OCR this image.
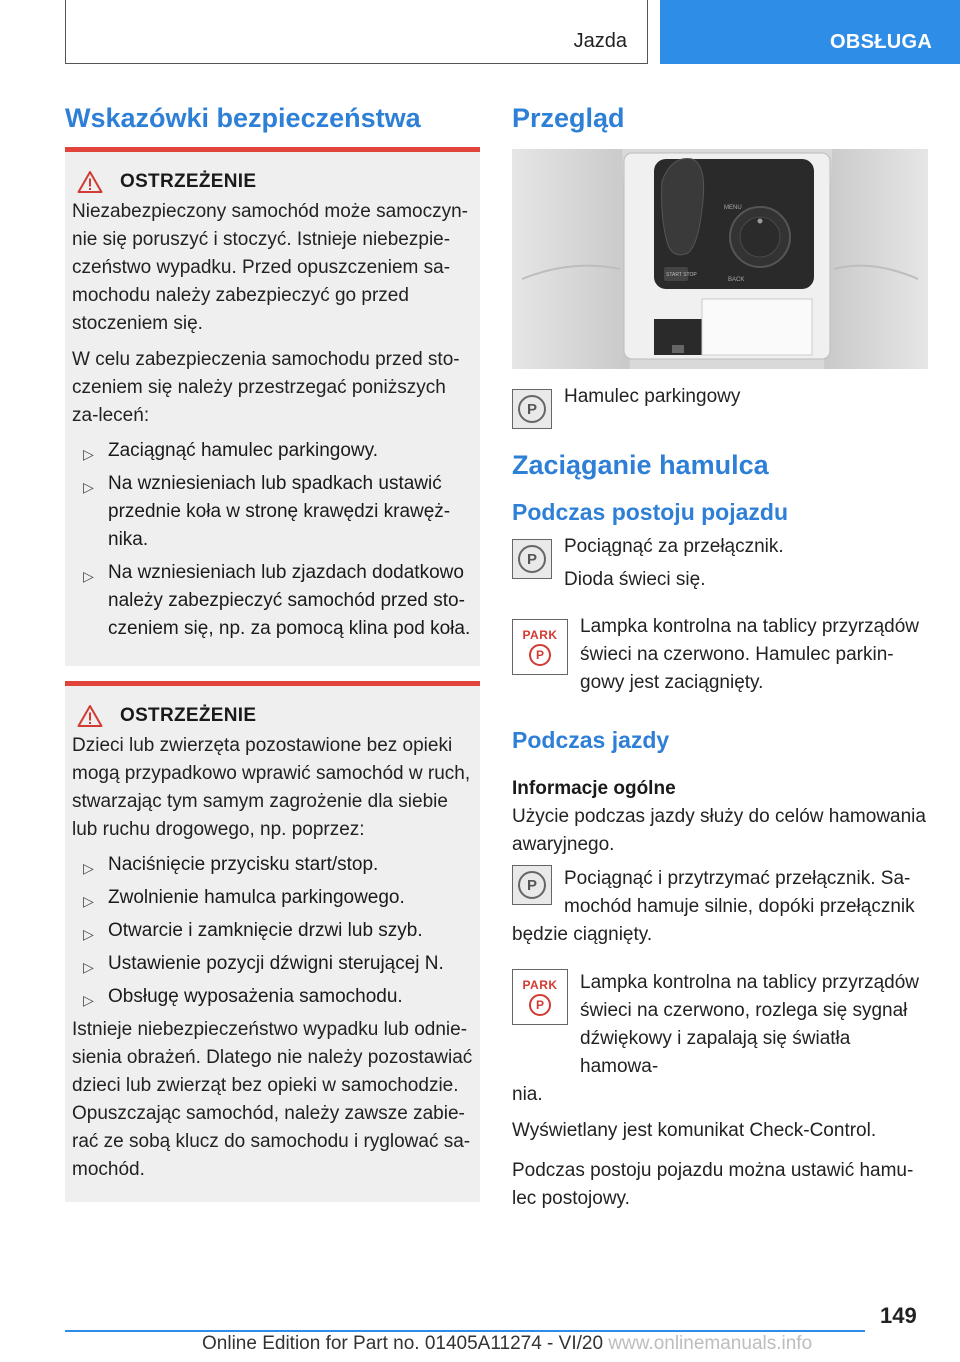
Jazda	OBSŁUGA
Wskazówki bezpieczeństwa
OSTRZEŻENIE

Niezabezpieczony samochód może samoczyn-nie się poruszyć i stoczyć. Istnieje niebezpie-czeństwo wypadku. Przed opuszczeniem sa-mochodu należy zabezpieczyć go przed stoczeniem się.

W celu zabezpieczenia samochodu przed sto-czeniem się należy przestrzegać poniższych za-leceń:

▷ Zaciągnąć hamulec parkingowy.
▷ Na wzniesieniach lub spadkach ustawić przednie koła w stronę krawędzi krawęż-nika.
▷ Na wzniesieniach lub zjazdach dodatkowo należy zabezpieczyć samochód przed sto-czeniem się, np. za pomocą klina pod koła.
OSTRZEŻENIE

Dzieci lub zwierzęta pozostawione bez opieki mogą przypadkowo wprawić samochód w ruch, stwarzając tym samym zagrożenie dla siebie lub ruchu drogowego, np. poprzez:

▷ Naciśnięcie przycisku start/stop.
▷ Zwolnienie hamulca parkingowego.
▷ Otwarcie i zamknięcie drzwi lub szyb.
▷ Ustawienie pozycji dźwigni sterującej N.
▷ Obsługę wyposażenia samochodu.

Istnieje niebezpieczeństwo wypadku lub odnie-sienia obrażeń. Dlatego nie należy pozostawiać dzieci lub zwierząt bez opieki w samochodzie. Opuszczając samochód, należy zawsze zabie-rać ze sobą klucz do samochodu i ryglować sa-mochód.

Przegląd
MENU
BACK
START STOP
P

Hamulec parkingowy

Zaciąganie hamulca
Podczas postoju pojazdu
P

Pociągnąć za przełącznik.

Dioda świeci się.

PARK
P

Lampka kontrolna na tablicy przyrządów świeci na czerwono. Hamulec parkin-gowy jest zaciągnięty.

Podczas jazdy

Informacje ogólne

Użycie podczas jazdy służy do celów hamowania awaryjnego.

P	Pociągnąć i przytrzymać przełącznik. Sa-mochód hamuje silnie, dopóki przełącznik

będzie ciągnięty.

PARK
P

Lampka kontrolna na tablicy przyrządów świeci na czerwono, rozlega się sygnał dźwiękowy i zapalają się światła hamowa-

nia.

Wyświetlany jest komunikat Check-Control.

Podczas postoju pojazdu można ustawić hamu-lec postojowy.

149
Online Edition for Part no. 01405A11274 - VI/20 www.onlinemanuals.info
